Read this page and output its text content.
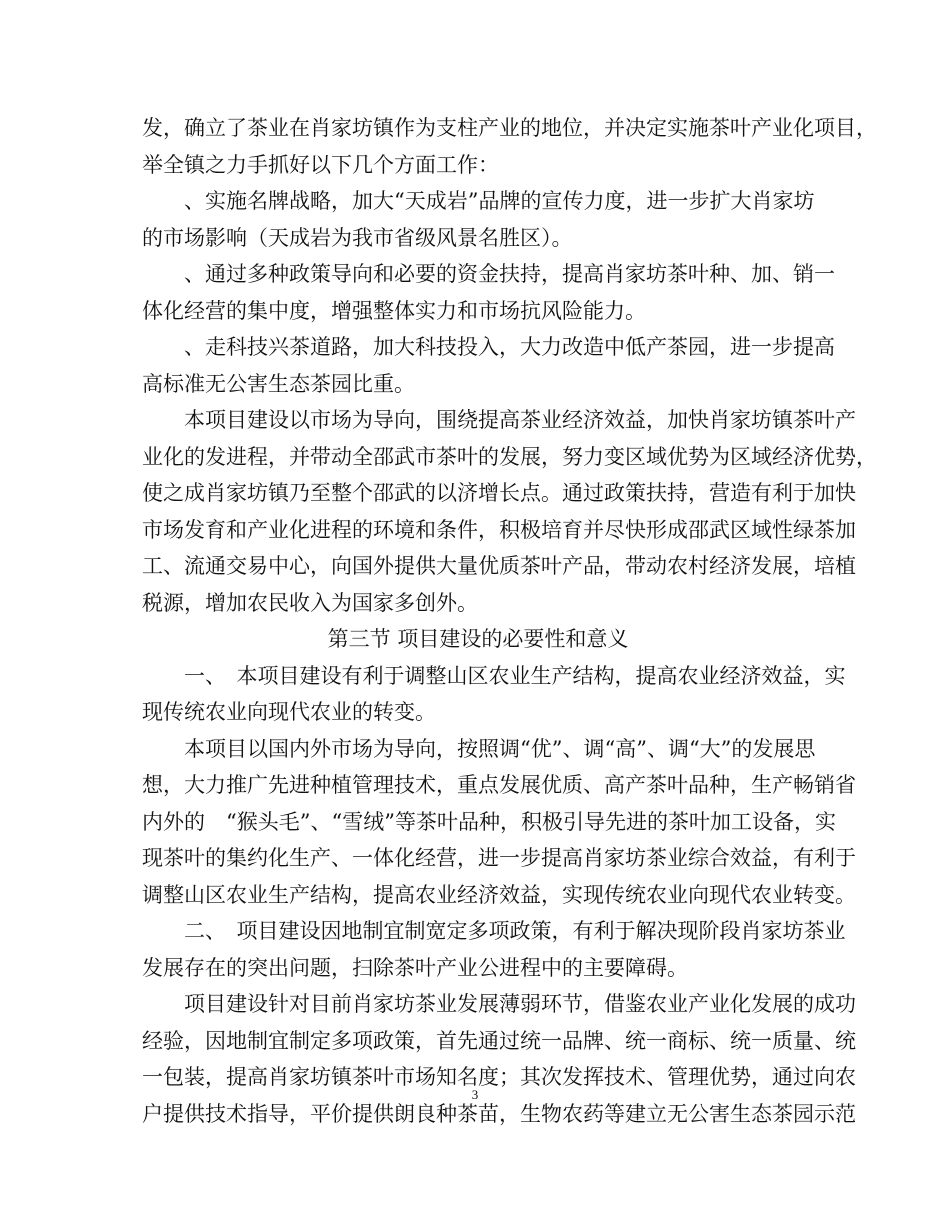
发，确立了茶业在肖家坊镇作为支柱产业的地位，并决定实施茶叶产业化项目，
举全镇之力手抓好以下几个方面工作：
　　、实施名牌战略，加大“天成岩”品牌的宣传力度，进一步扩大肖家坊
的市场影响（天成岩为我市省级风景名胜区）。
　　、通过多种政策导向和必要的资金扶持，提高肖家坊茶叶种、加、销一
体化经营的集中度，增强整体实力和市场抗风险能力。
　　、走科技兴茶道路，加大科技投入，大力改造中低产茶园，进一步提高
高标准无公害生态茶园比重。
　　本项目建设以市场为导向，围绕提高茶业经济效益，加快肖家坊镇茶叶产
业化的发进程，并带动全邵武市茶叶的发展，努力变区域优势为区域经济优势，
使之成肖家坊镇乃至整个邵武的以济增长点。通过政策扶持，营造有利于加快
市场发育和产业化进程的环境和条件，积极培育并尽快形成邵武区域性绿茶加
工、流通交易中心，向国外提供大量优质茶叶产品，带动农村经济发展，培植
税源，增加农民收入为国家多创外。
第三节 项目建设的必要性和意义
　　一、　本项目建设有利于调整山区农业生产结构，提高农业经济效益，实
现传统农业向现代农业的转变。
　　本项目以国内外市场为导向，按照调“优”、调“高”、调“大”的发展思
想，大力推广先进种植管理技术，重点发展优质、高产茶叶品种，生产畅销省
内外的　“猴头毛”、“雪绒”等茶叶品种，积极引导先进的茶叶加工设备，实
现茶叶的集约化生产、一体化经营，进一步提高肖家坊茶业综合效益，有利于
调整山区农业生产结构，提高农业经济效益，实现传统农业向现代农业转变。
　　二、　项目建设因地制宜制宽定多项政策，有利于解决现阶段肖家坊茶业
发展存在的突出问题，扫除茶叶产业公进程中的主要障碍。
　　项目建设针对目前肖家坊茶业发展薄弱环节，借鉴农业产业化发展的成功
经验，因地制宜制定多项政策，首先通过统一品牌、统一商标、统一质量、统
一包装，提高肖家坊镇茶叶市场知名度；其次发挥技术、管理优势，通过向农
户提供技术指导，平价提供朗良种茶苗，生物农药等建立无公害生态茶园示范
3
